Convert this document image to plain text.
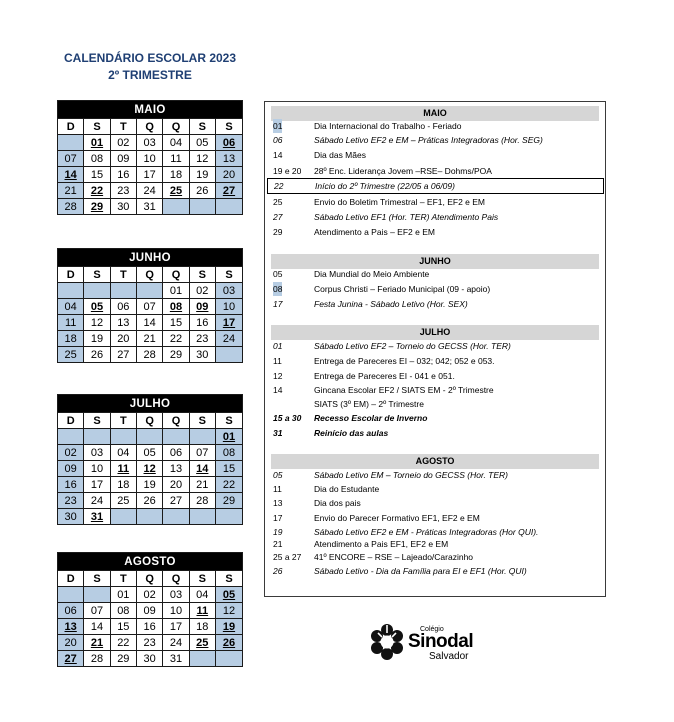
CALENDÁRIO ESCOLAR 2023
2º TRIMESTRE
MAIO						
D	S	T	Q	Q	S	S
	01	02	03	04	05	06
07	08	09	10	11	12	13
14	15	16	17	18	19	20
21	22	23	24	25	26	27
28	29	30	31			
JUNHO						
D	S	T	Q	Q	S	S
				01	02	03
04	05	06	07	08	09	10
11	12	13	14	15	16	17
18	19	20	21	22	23	24
25	26	27	28	29	30	
JULHO						
D	S	T	Q	Q	S	S
						01
02	03	04	05	06	07	08
09	10	11	12	13	14	15
16	17	18	19	20	21	22
23	24	25	26	27	28	29
30	31					
AGOSTO						
D	S	T	Q	Q	S	S
		01	02	03	04	05
06	07	08	09	10	11	12
13	14	15	16	17	18	19
20	21	22	23	24	25	26
27	28	29	30	31		
MAIO
01	Dia Internacional do Trabalho - Feriado
06	Sábado Letivo EF2 e EM – Práticas Integradoras (Hor. SEG)
14	Dia das Mães
19 e 20 28º Enc. Liderança Jovem –RSE– Dohms/POA
22	Início do 2º Trimestre (22/05 a 06/09)
25	Envio do Boletim Trimestral – EF1, EF2 e EM
27	Sábado Letivo EF1 (Hor. TER) Atendimento Pais
29	Atendimento a Pais – EF2 e EM
JUNHO
05	Dia Mundial do Meio Ambiente
08	Corpus Christi – Feriado Municipal (09 - apoio)
17	Festa Junina - Sábado Letivo (Hor. SEX)
JULHO
01	Sábado Letivo EF2 – Torneio do GECSS (Hor. TER)
11	Entrega de Pareceres EI – 032; 042; 052 e 053.
12	Entrega de Pareceres EI - 041 e 051.
14	Gincana Escolar EF2 / SIATS EM - 2º Trimestre
SIATS (3º EM) – 2º Trimestre
15 a 30 Recesso Escolar de Inverno
31	Reinício das aulas
AGOSTO
05	Sábado Letivo EM – Torneio do GECSS (Hor. TER)
11	Dia do Estudante
13	Dia dos pais
17	Envio do Parecer Formativo EF1, EF2 e EM
19	Sábado Letivo EF2 e EM - Práticas Integradoras (Hor QUI).
21	Atendimento a Pais EF1, EF2 e EM
25 a 27 41º ENCORE – RSE – Lajeado/Carazinho
26	Sábado Letivo - Dia da Família para EI e EF1 (Hor. QUI)
Colégio
Sinodal
Salvador
